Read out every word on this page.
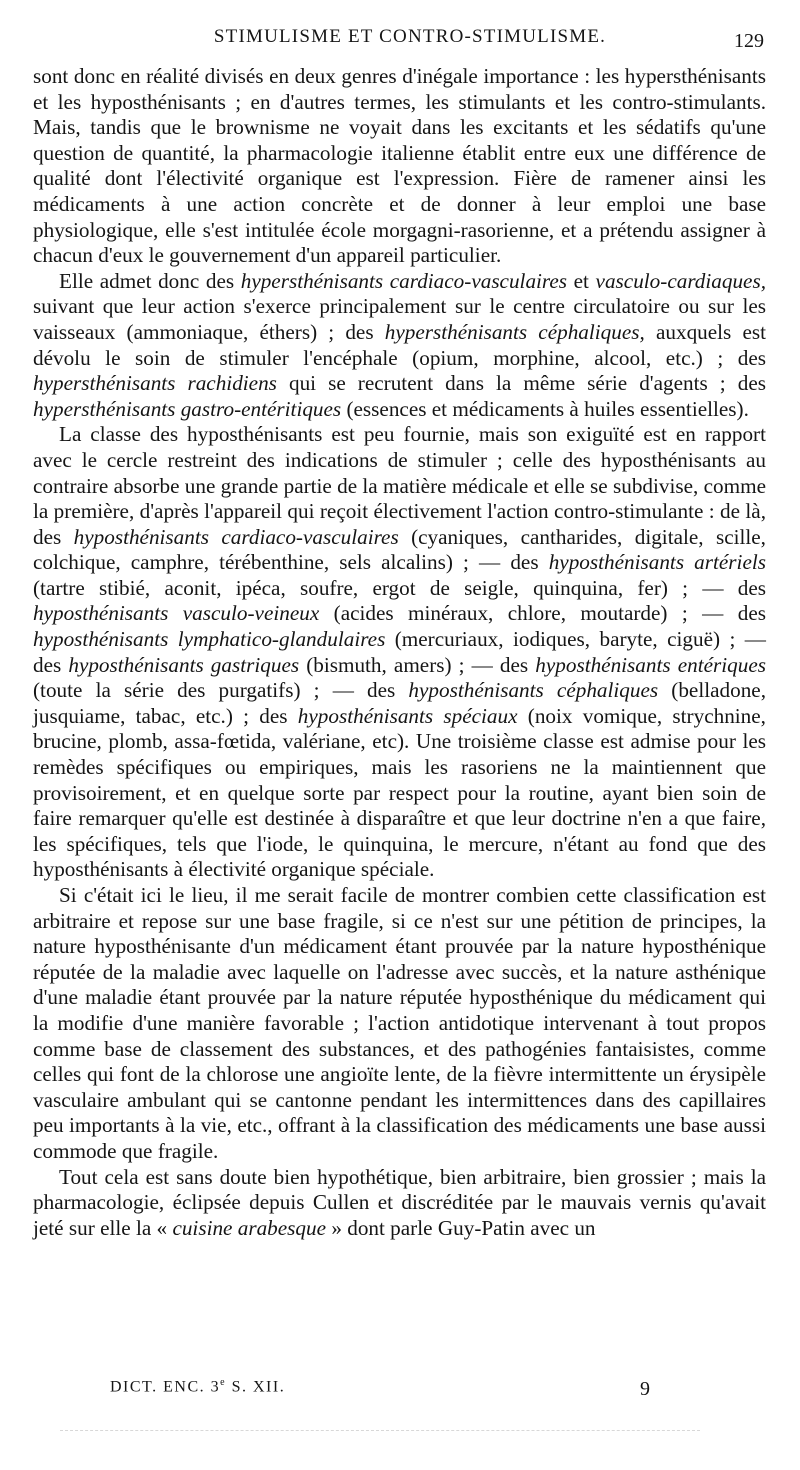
STIMULISME ET CONTRO-STIMULISME.	129

sont donc en réalité divisés en deux genres d'inégale importance : les hypersthénisants et les hyposthénisants ; en d'autres termes, les stimulants et les contro-stimulants. Mais, tandis que le brownisme ne voyait dans les excitants et les sédatifs qu'une question de quantité, la pharmacologie italienne établit entre eux une différence de qualité dont l'électivité organique est l'expression. Fière de ramener ainsi les médicaments à une action concrète et de donner à leur emploi une base physiologique, elle s'est intitulée école morgagni-rasorienne, et a prétendu assigner à chacun d'eux le gouvernement d'un appareil particulier.

Elle admet donc des hypersthénisants cardiaco-vasculaires et vasculo-cardiaques, suivant que leur action s'exerce principalement sur le centre circulatoire ou sur les vaisseaux (ammoniaque, éthers) ; des hypersthénisants céphaliques, auxquels est dévolu le soin de stimuler l'encéphale (opium, morphine, alcool, etc.) ; des hypersthénisants rachidiens qui se recrutent dans la même série d'agents ; des hypersthénisants gastro-entéritiques (essences et médicaments à huiles essentielles).

La classe des hyposthénisants est peu fournie, mais son exiguïté est en rapport avec le cercle restreint des indications de stimuler ; celle des hyposthénisants au contraire absorbe une grande partie de la matière médicale et elle se subdivise, comme la première, d'après l'appareil qui reçoit électivement l'action contro-stimulante : de là, des hyposthénisants cardiaco-vasculaires (cyaniques, cantharides, digitale, scille, colchique, camphre, térébenthine, sels alcalins) ; — des hyposthénisants artériels (tartre stibié, aconit, ipéca, soufre, ergot de seigle, quinquina, fer) ; — des hyposthénisants vasculo-veineux (acides minéraux, chlore, moutarde) ; — des hyposthénisants lymphatico-glandulaires (mercuriaux, iodiques, baryte, ciguë) ; — des hyposthénisants gastriques (bismuth, amers) ; — des hyposthénisants entériques (toute la série des purgatifs) ; — des hyposthénisants céphaliques (belladone, jusquiame, tabac, etc.) ; des hyposthénisants spéciaux (noix vomique, strychnine, brucine, plomb, assa-fœtida, valériane, etc). Une troisième classe est admise pour les remèdes spécifiques ou empiriques, mais les rasoriens ne la maintiennent que provisoirement, et en quelque sorte par respect pour la routine, ayant bien soin de faire remarquer qu'elle est destinée à disparaître et que leur doctrine n'en a que faire, les spécifiques, tels que l'iode, le quinquina, le mercure, n'étant au fond que des hyposthénisants à électivité organique spéciale.

Si c'était ici le lieu, il me serait facile de montrer combien cette classification est arbitraire et repose sur une base fragile, si ce n'est sur une pétition de principes, la nature hyposthénisante d'un médicament étant prouvée par la nature hyposthénique réputée de la maladie avec laquelle on l'adresse avec succès, et la nature asthénique d'une maladie étant prouvée par la nature réputée hyposthénique du médicament qui la modifie d'une manière favorable ; l'action antidotique intervenant à tout propos comme base de classement des substances, et des pathogénies fantaisistes, comme celles qui font de la chlorose une angioïte lente, de la fièvre intermittente un érysipèle vasculaire ambulant qui se cantonne pendant les intermittences dans des capillaires peu importants à la vie, etc., offrant à la classification des médicaments une base aussi commode que fragile.

Tout cela est sans doute bien hypothétique, bien arbitraire, bien grossier ; mais la pharmacologie, éclipsée depuis Cullen et discréditée par le mauvais vernis qu'avait jeté sur elle la « cuisine arabesque » dont parle Guy-Patin avec un

DICT. ENC. 3e S. XII.	9
